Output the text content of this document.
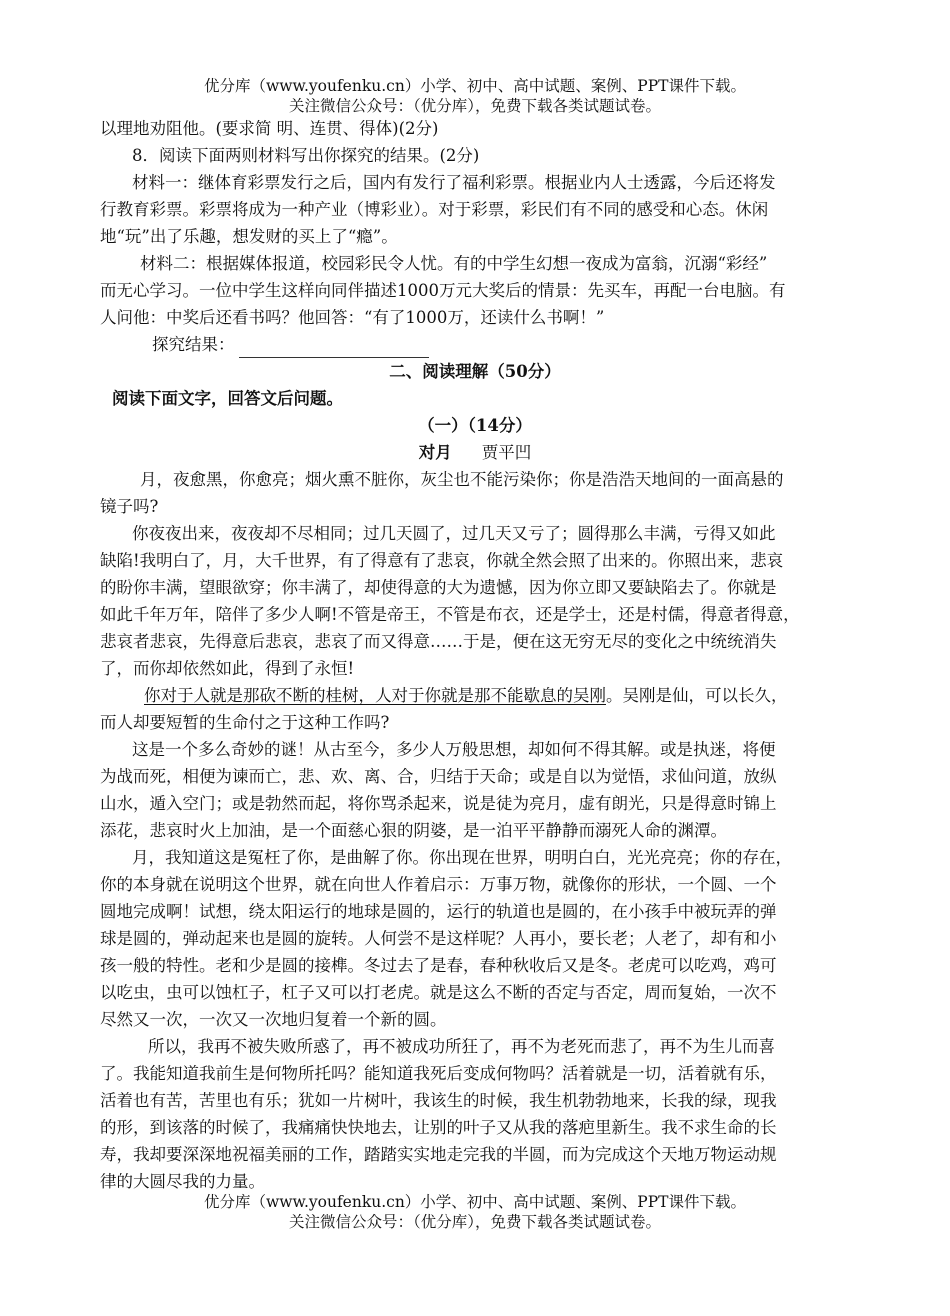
优分库（www.youfenku.cn）小学、初中、高中试题、案例、PPT课件下载。
关注微信公众号：（优分库），免费下载各类试题试卷。
以理地劝阻他。(要求简 明、连贯、得体)(2分)
8．阅读下面两则材料写出你探究的结果。(2分)
材料一：继体育彩票发行之后，国内有发行了福利彩票。根据业内人士透露，今后还将发
行教育彩票。彩票将成为一种产业（博彩业）。对于彩票，彩民们有不同的感受和心态。休闲
地“玩”出了乐趣，想发财的买上了“瘾”。
材料二：根据媒体报道，校园彩民令人忧。有的中学生幻想一夜成为富翁，沉溺“彩经”
而无心学习。一位中学生这样向同伴描述1000万元大奖后的情景：先买车，再配一台电脑。有
人问他：中奖后还看书吗？他回答：“有了1000万，还读什么书啊！”
探究结果：
二、阅读理解（50分）
阅读下面文字，回答文后问题。
（一）（14分）
对月 贾平凹
月，夜愈黑，你愈亮；烟火熏不脏你，灰尘也不能污染你；你是浩浩天地间的一面高悬的
镜子吗?
你夜夜出来，夜夜却不尽相同；过几天圆了，过几天又亏了；圆得那么丰满，亏得又如此
缺陷!我明白了，月，大千世界，有了得意有了悲哀，你就全然会照了出来的。你照出来，悲哀
的盼你丰满，望眼欲穿；你丰满了，却使得意的大为遗憾，因为你立即又要缺陷去了。你就是
如此千年万年，陪伴了多少人啊!不管是帝王，不管是布衣，还是学士，还是村儒，得意者得意，
悲哀者悲哀，先得意后悲哀，悲哀了而又得意……于是，便在这无穷无尽的变化之中统统消失
了，而你却依然如此，得到了永恒!
你对于人就是那砍不断的桂树，人对于你就是那不能歇息的吴刚。吴刚是仙，可以长久，
而人却要短暂的生命付之于这种工作吗?
这是一个多么奇妙的谜！从古至今，多少人万般思想，却如何不得其解。或是执迷，将便
为战而死，相便为谏而亡，悲、欢、离、合，归结于天命；或是自以为觉悟，求仙问道，放纵
山水，遁入空门；或是勃然而起，将你骂杀起来，说是徒为亮月，虚有朗光，只是得意时锦上
添花，悲哀时火上加油，是一个面慈心狠的阴婆，是一泊平平静静而溺死人命的渊潭。
月，我知道这是冤枉了你，是曲解了你。你出现在世界，明明白白，光光亮亮；你的存在，
你的本身就在说明这个世界，就在向世人作着启示：万事万物，就像你的形状，一个圆、一个
圆地完成啊！试想，绕太阳运行的地球是圆的，运行的轨道也是圆的，在小孩手中被玩弄的弹
球是圆的，弹动起来也是圆的旋转。人何尝不是这样呢？人再小，要长老；人老了，却有和小
孩一般的特性。老和少是圆的接榫。冬过去了是春，春种秋收后又是冬。老虎可以吃鸡，鸡可
以吃虫，虫可以蚀杠子，杠子又可以打老虎。就是这么不断的否定与否定，周而复始，一次不
尽然又一次，一次又一次地归复着一个新的圆。
所以，我再不被失败所惑了，再不被成功所狂了，再不为老死而悲了，再不为生儿而喜
了。我能知道我前生是何物所托吗？能知道我死后变成何物吗？活着就是一切，活着就有乐，
活着也有苦，苦里也有乐；犹如一片树叶，我该生的时候，我生机勃勃地来，长我的绿，现我
的形，到该落的时候了，我痛痛快快地去，让别的叶子又从我的落疤里新生。我不求生命的长
寿，我却要深深地祝福美丽的工作，踏踏实实地走完我的半圆，而为完成这个天地万物运动规
律的大圆尽我的力量。
优分库（www.youfenku.cn）小学、初中、高中试题、案例、PPT课件下载。
关注微信公众号：（优分库），免费下载各类试题试卷。
